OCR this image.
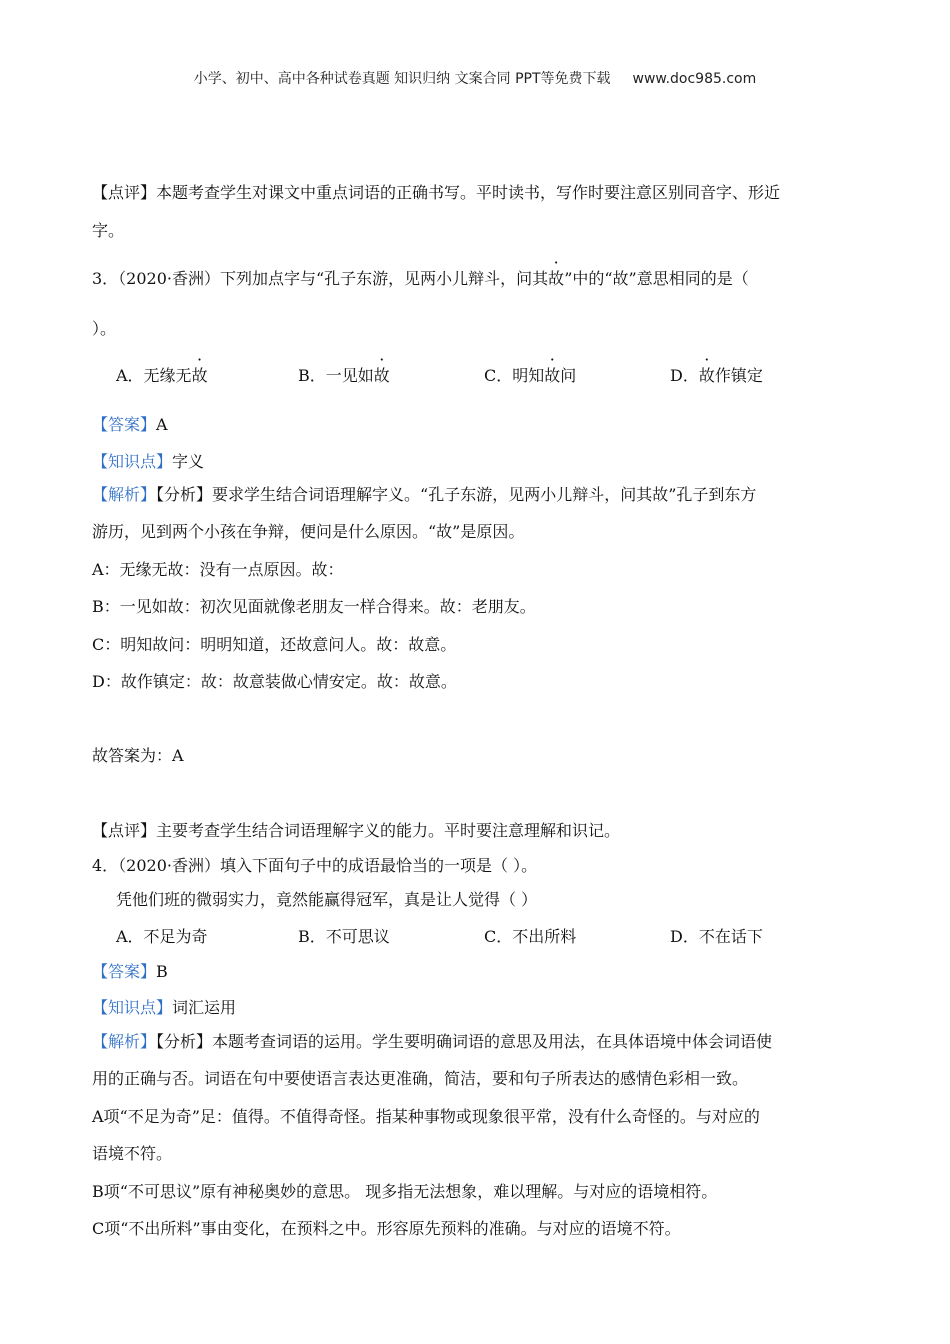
小学、初中、高中各种试卷真题 知识归纳 文案合同 PPT等免费下载 www.doc985.com
【点评】本题考查学生对课文中重点词语的正确书写。平时读书，写作时要注意区别同音字、形近
字。
3．（2020·香洲）下列加点字与“孔子东游，见两小儿辩斗，问其故”中的“故”意思相同的是（
）。
A．无缘无故	B．一见如故	C．明知故问	D．故作镇定
【答案】A
【知识点】字义
【解析】【分析】要求学生结合词语理解字义。“孔子东游，见两小儿辩斗，问其故”孔子到东方
游历，见到两个小孩在争辩，便问是什么原因。“故”是原因。
A：无缘无故：没有一点原因。故：
B：一见如故：初次见面就像老朋友一样合得来。故：老朋友。
C：明知故问：明明知道，还故意问人。故：故意。
D：故作镇定：故：故意装做心情安定。故：故意。
故答案为：A
【点评】主要考查学生结合词语理解字义的能力。平时要注意理解和识记。
4．（2020·香洲）填入下面句子中的成语最恰当的一项是（ ）。
凭他们班的微弱实力，竟然能赢得冠军，真是让人觉得（ ）
A．不足为奇	B．不可思议	C．不出所料	D．不在话下
【答案】B
【知识点】词汇运用
【解析】【分析】本题考查词语的运用。学生要明确词语的意思及用法，在具体语境中体会词语使
用的正确与否。词语在句中要使语言表达更准确，简洁，要和句子所表达的感情色彩相一致。
A项“不足为奇”足：值得。不值得奇怪。指某种事物或现象很平常，没有什么奇怪的。与对应的
语境不符。
B项“不可思议”原有神秘奥妙的意思。 现多指无法想象，难以理解。与对应的语境相符。
C项“不出所料”事由变化，在预料之中。形容原先预料的准确。与对应的语境不符。
